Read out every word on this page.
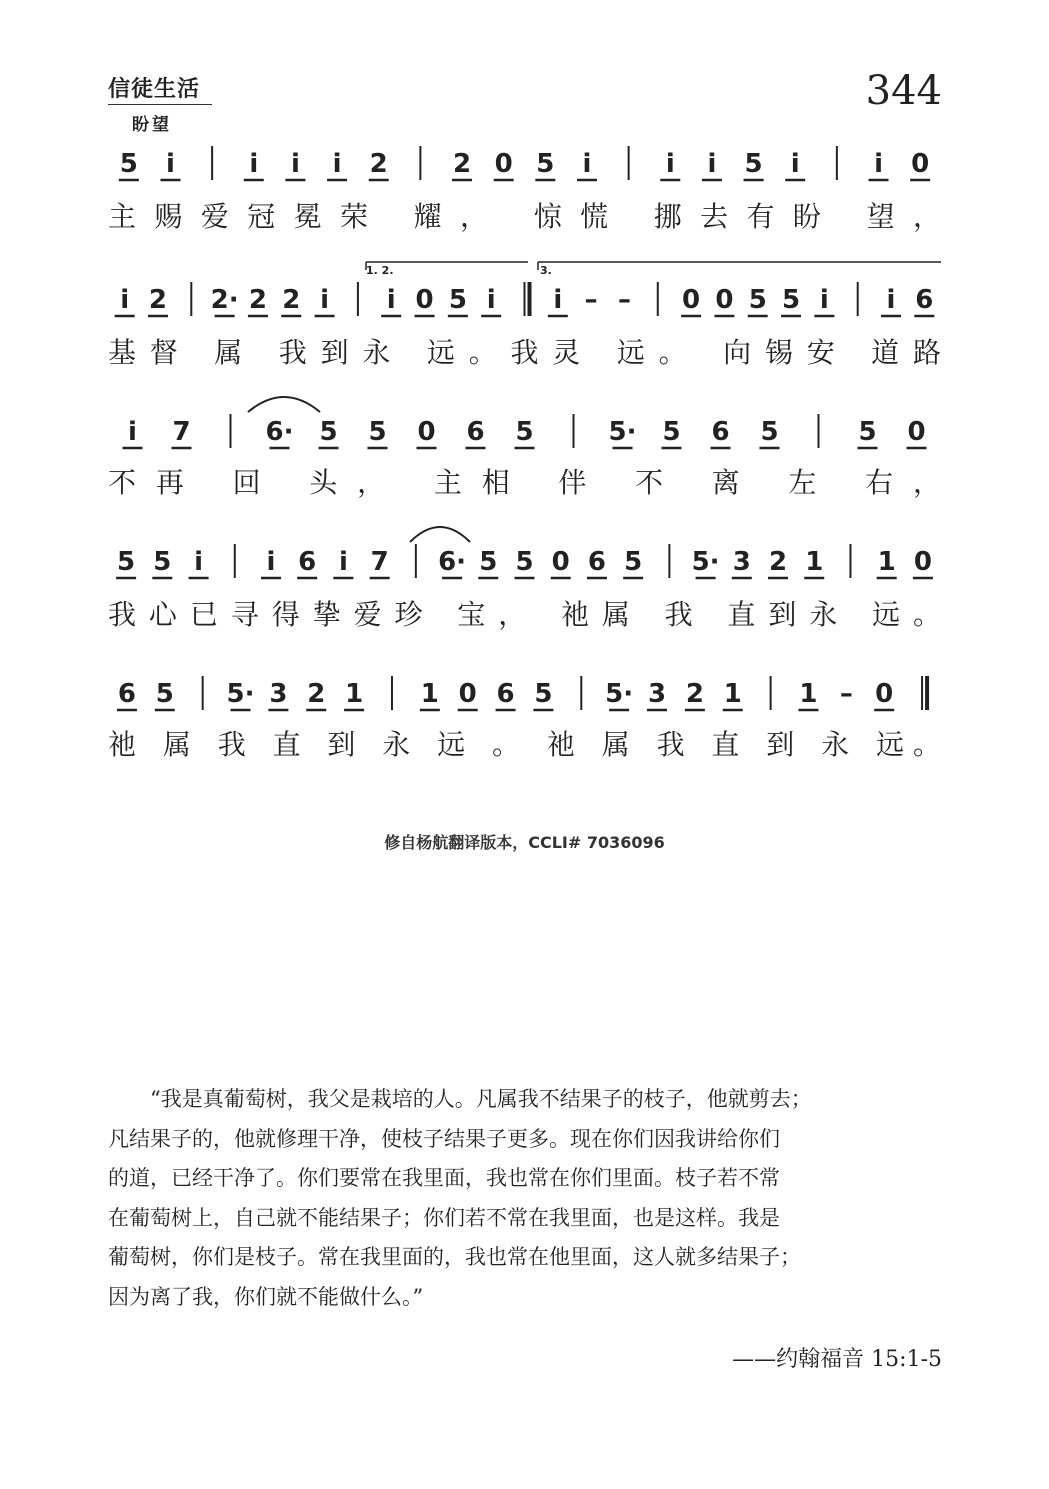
信徒生活
盼望
344
5 i	i i i 2	2 0 5 i	i i 5 i	i 0
主赐爱冠冕荣 耀， 惊慌 挪去有盼 望，
i 2 2· 2 2 i i 0 5 i i – – 0 0 5 5 i i 6
基督 属 我到永 远。我灵 远。 向锡安 道路
i 7	6· 5 5 0 6 5	5· 5 6 5	5 0
不再 回 头， 主相 伴 不 离 左 右，
5 5 i i 6 i 7 6· 5 5 0 6 5 5· 3 2 1 1 0
我心已寻得挚爱珍 宝， 祂属 我 直到永 远。
6 5 5· 3 2 1 1 0 6 5 5· 3 2 1 1 – 0
祂 属 我 直 到 永 远 。 祂 属 我 直 到 永 远。
1. 2.	3.
修自杨航翻译版本，CCLI# 7036096
　　“我是真葡萄树，我父是栽培的人。凡属我不结果子的枝子，他就剪去；
凡结果子的，他就修理干净，使枝子结果子更多。现在你们因我讲给你们
的道，已经干净了。你们要常在我里面，我也常在你们里面。枝子若不常
在葡萄树上，自己就不能结果子；你们若不常在我里面，也是这样。我是
葡萄树，你们是枝子。常在我里面的，我也常在他里面，这人就多结果子；
因为离了我，你们就不能做什么。”
——约翰福音 15:1-5
